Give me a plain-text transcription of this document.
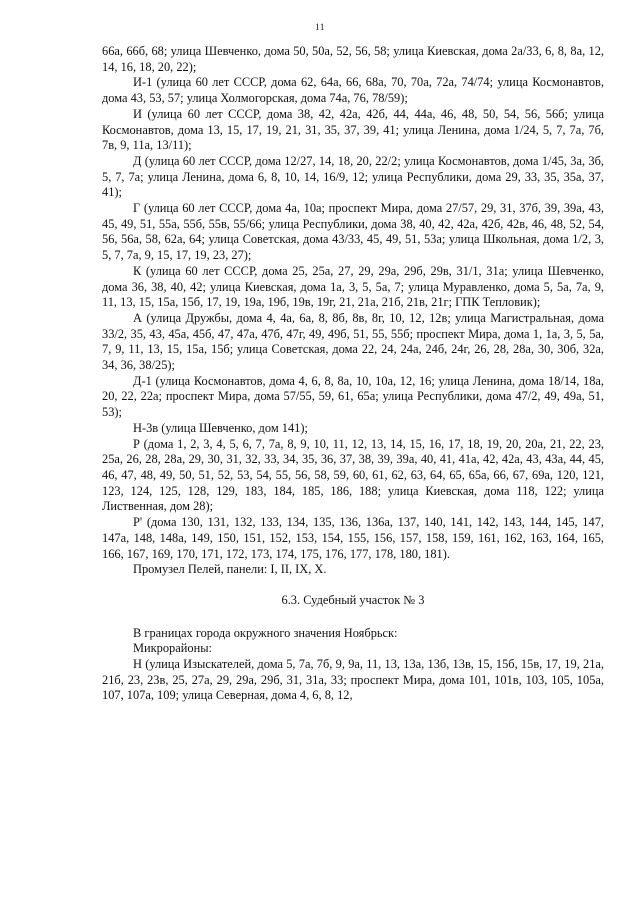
11

66а, 66б, 68; улица Шевченко, дома 50, 50а, 52, 56, 58; улица Киевская, дома 2а/33, 6, 8, 8а, 12, 14, 16, 18, 20, 22);

И-1 (улица 60 лет СССР, дома 62, 64а, 66, 68а, 70, 70а, 72а, 74/74; улица Космонавтов, дома 43, 53, 57; улица Холмогорская, дома 74а, 76, 78/59);

И (улица 60 лет СССР, дома 38, 42, 42а, 42б, 44, 44а, 46, 48, 50, 54, 56, 56б; улица Космонавтов, дома 13, 15, 17, 19, 21, 31, 35, 37, 39, 41; улица Ленина, дома 1/24, 5, 7, 7а, 7б, 7в, 9, 11а, 13/11);

Д (улица 60 лет СССР, дома 12/27, 14, 18, 20, 22/2; улица Космонавтов, дома 1/45, 3а, 3б, 5, 7, 7а; улица Ленина, дома 6, 8, 10, 14, 16/9, 12; улица Республики, дома 29, 33, 35, 35а, 37, 41);

Г (улица 60 лет СССР, дома 4а, 10а; проспект Мира, дома 27/57, 29, 31, 37б, 39, 39а, 43, 45, 49, 51, 55а, 55б, 55в, 55/66; улица Республики, дома 38, 40, 42, 42а, 42б, 42в, 46, 48, 52, 54, 56, 56а, 58, 62а, 64; улица Советская, дома 43/33, 45, 49, 51, 53а; улица Школьная, дома 1/2, 3, 5, 7, 7а, 9, 15, 17, 19, 23, 27);

К (улица 60 лет СССР, дома 25, 25а, 27, 29, 29а, 29б, 29в, 31/1, 31а; улица Шевченко, дома 36, 38, 40, 42; улица Киевская, дома 1а, 3, 5, 5а, 7; улица Муравленко, дома 5, 5а, 7а, 9, 11, 13, 15, 15а, 15б, 17, 19, 19а, 19б, 19в, 19г, 21, 21а, 21б, 21в, 21г; ГПК Тепловик);

А (улица Дружбы, дома 4, 4а, 6а, 8, 8б, 8в, 8г, 10, 12, 12в; улица Магистральная, дома 33/2, 35, 43, 45а, 45б, 47, 47а, 47б, 47г, 49, 49б, 51, 55, 55б; проспект Мира, дома 1, 1а, 3, 5, 5а, 7, 9, 11, 13, 15, 15а, 15б; улица Советская, дома 22, 24, 24а, 24б, 24г, 26, 28, 28а, 30, 30б, 32а, 34, 36, 38/25);

Д-1 (улица Космонавтов, дома 4, 6, 8, 8а, 10, 10а, 12, 16; улица Ленина, дома 18/14, 18а, 20, 22, 22а; проспект Мира, дома 57/55, 59, 61, 65а; улица Республики, дома 47/2, 49, 49а, 51, 53);

Н-3в (улица Шевченко, дом 141);

Р (дома 1, 2, 3, 4, 5, 6, 7, 7а, 8, 9, 10, 11, 12, 13, 14, 15, 16, 17, 18, 19, 20, 20а, 21, 22, 23, 25а, 26, 28, 28а, 29, 30, 31, 32, 33, 34, 35, 36, 37, 38, 39, 39а, 40, 41, 41а, 42, 42а, 43, 43а, 44, 45, 46, 47, 48, 49, 50, 51, 52, 53, 54, 55, 56, 58, 59, 60, 61, 62, 63, 64, 65, 65а, 66, 67, 69а, 120, 121, 123, 124, 125, 128, 129, 183, 184, 185, 186, 188; улица Киевская, дома 118, 122; улица Лиственная, дом 28);

Р' (дома 130, 131, 132, 133, 134, 135, 136, 136а, 137, 140, 141, 142, 143, 144, 145, 147, 147а, 148, 148а, 149, 150, 151, 152, 153, 154, 155, 156, 157, 158, 159, 161, 162, 163, 164, 165, 166, 167, 169, 170, 171, 172, 173, 174, 175, 176, 177, 178, 180, 181).

Промузел Пелей, панели: I, II, IX, X.

6.3. Судебный участок № 3

В границах города окружного значения Ноябрьск:

Микрорайоны:

Н (улица Изыскателей, дома 5, 7а, 7б, 9, 9а, 11, 13, 13а, 13б, 13в, 15, 15б, 15в, 17, 19, 21а, 21б, 23, 23в, 25, 27а, 29, 29а, 29б, 31, 31а, 33; проспект Мира, дома 101, 101в, 103, 105, 105а, 107, 107а, 109; улица Северная, дома 4, 6, 8, 12,
